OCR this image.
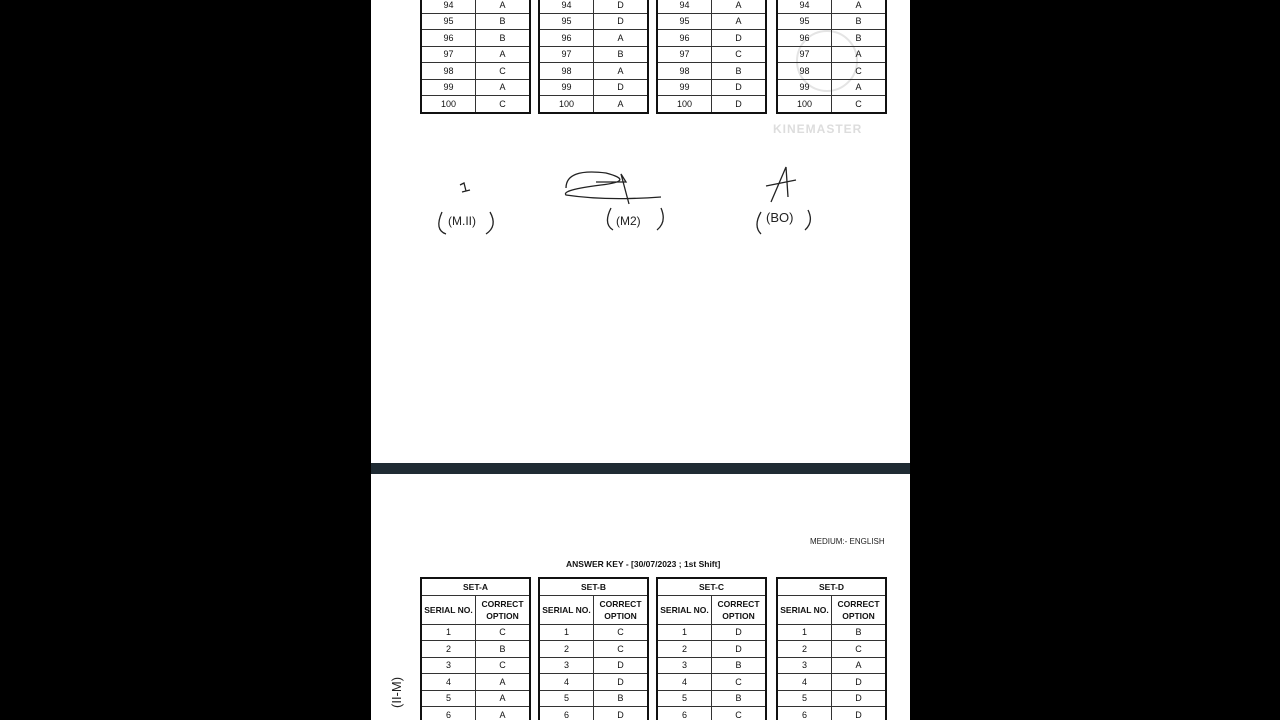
KINEMASTER
(M.II)	(M2)	(BO)
94	A
95	B
96	B
97	A
98	C
99	A
100	C
94	D
95	D
96	A
97	B
98	A
99	D
100	A
94	A
95	A
96	D
97	C
98	B
99	D
100	D
94	A
95	B
96	B
97	A
98	C
99	A
100	C
MEDIUM:- ENGLISH
ANSWER KEY - [30/07/2023 ; 1st Shift]
(II-M)
SET-A	
SERIAL NO.	CORRECT OPTION
1	C
2	B
3	C
4	A
5	A
6	A
SET-B	
SERIAL NO.	CORRECT OPTION
1	C
2	C
3	D
4	D
5	B
6	D
SET-C	
SERIAL NO.	CORRECT OPTION
1	D
2	D
3	B
4	C
5	B
6	C
SET-D	
SERIAL NO.	CORRECT OPTION
1	B
2	C
3	A
4	D
5	D
6	D
